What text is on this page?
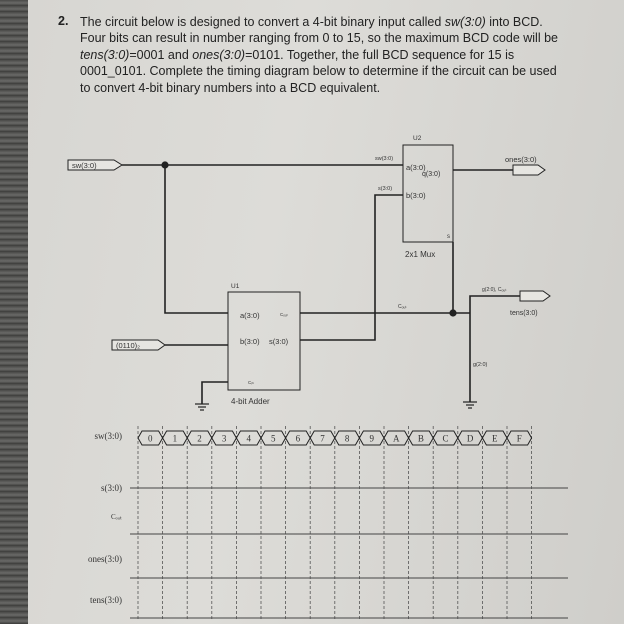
2. The circuit below is designed to convert a 4-bit binary input called sw(3:0) into BCD. Four bits can result in number ranging from 0 to 15, so the maximum BCD code will be tens(3:0)=0001 and ones(3:0)=0101. Together, the full BCD sequence for 15 is 0001_0101. Complete the timing diagram below to determine if the circuit can be used to convert 4-bit binary numbers into a BCD equivalent.
sw(3:0)
U2
sw(3:0)
s(3:0)
a(3:0)
b(3:0)
q(3:0)
s
2x1 Mux
ones(3:0)
U1
a(3:0)	Cₒᵤₜ
b(3:0) s(3:0)
Cᵢₙ
4-bit Adder
(0110)₂
Cₒᵤₜ
g(2:0), Cₒᵤₜ
tens(3:0)
g(2:0)
sw(3:0)
s(3:0)
Cₒᵤₜ
ones(3:0)
tens(3:0)
0 1 2 3 4 5 6 7 8 9 A B C D E F
